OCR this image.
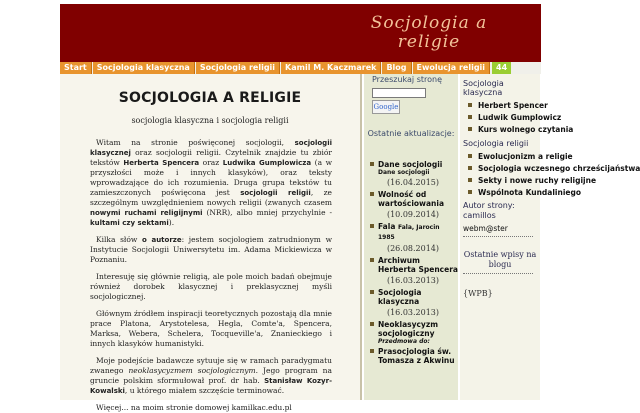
Socjologia a religie
Start	Socjologia klasyczna	Socjologia religii	Kamil M. Kaczmarek	Blog	Ewolucja religii	44
SOCJOLOGIA A RELIGIE
socjologia klasyczna i socjologia religii

Witam na stronie poświęconej socjologii, socjologii klasycznej oraz socjologii religii. Czytelnik znajdzie tu zbiór tekstów Herberta Spencera oraz Ludwika Gumplowicza (a w przyszłości może i innych klasyków), oraz teksty wprowadzające do ich rozumienia. Druga grupa tekstów tu zamieszczonych poświęcona jest socjologii religii, ze szczególnym uwzględnieniem nowych religii (zwanych czasem nowymi ruchami religijnymi (NRR), albo mniej przychylnie - kultami czy sektami).

Kilka słów o autorze: jestem socjologiem zatrudnionym w Instytucie Socjologii Uniwersytetu im. Adama Mickiewicza w Poznaniu.

Interesuję się głównie religią, ale pole moich badań obejmuje również dorobek klasycznej i preklasycznej myśli socjologicznej.

Głównym źródłem inspiracji teoretycznych pozostają dla mnie prace Platona, Arystotelesa, Hegla, Comte'a, Spencera, Marksa, Webera, Schelera, Tocqueville'a, Znanieckiego i innych klasyków humanistyki.

Moje podejście badawcze sytuuje się w ramach paradygmatu zwanego neoklasycyzmem socjologicznym. Jego program na gruncie polskim sformułował prof. dr hab. Stanisław Kozyr-Kowalski, u którego miałem szczęście terminować.

Więcej... na moim stronie domowej kamilkac.edu.pl

Przeszukaj stronę
Google
Ostatnie aktualizacje:
Dane socjologii
Dane socjologii
(16.04.2015)
Wolność od wartościowania
(10.09.2014)
Fala Fala, Jarocin 1985
(26.08.2014)
Archiwum Herberta Spencera
(16.03.2013)
Socjologia klasyczna
(16.03.2013)
Neoklasycyzm socjologiczny
Przedmowa do:
Prasocjologia św. Tomasza z Akwinu
Socjologia klasyczna
Herbert Spencer
Ludwik Gumplowicz
Kurs wolnego czytania
Socjologia religii
Ewolucjonizm a religie
Socjologia wczesnego chrześcijaństwa
Sekty i nowe ruchy religijne
Wspólnota Kundaliniego
Autor strony: camillos
webm@ster
Ostatnie wpisy na blogu
{WPB}
